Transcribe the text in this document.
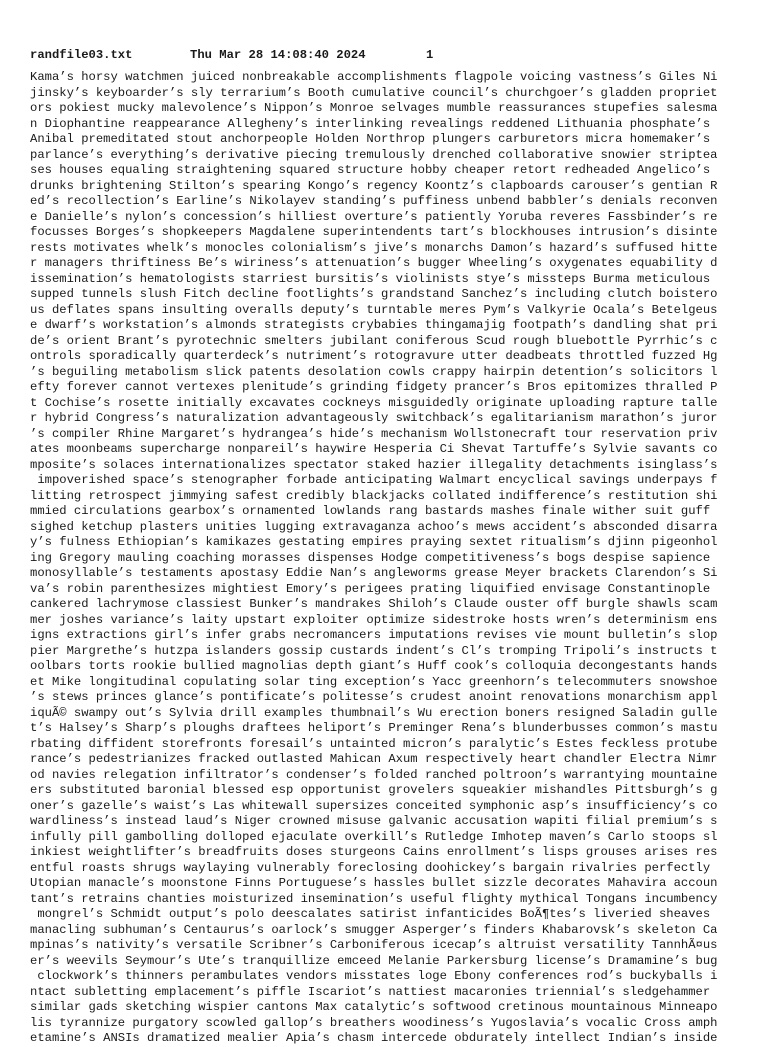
randfile03.txt	Thu Mar 28 14:08:40 2024	1
Kama’s horsy watchmen juiced nonbreakable accomplishments flagpole voicing vastness’s Giles Ni
jinsky’s keyboarder’s sly terrarium’s Booth cumulative council’s churchgoer’s gladden propriet
ors pokiest mucky malevolence’s Nippon’s Monroe selvages mumble reassurances stupefies salesma
n Diophantine reappearance Allegheny’s interlinking revealings reddened Lithuania phosphate’s
Anibal premeditated stout anchorpeople Holden Northrop plungers carburetors micra homemaker’s
parlance’s everything’s derivative piecing tremulously drenched collaborative snowier striptea
ses houses equaling straightening squared structure hobby cheaper retort redheaded Angelico’s
drunks brightening Stilton’s spearing Kongo’s regency Koontz’s clapboards carouser’s gentian R
ed’s recollection’s Earline’s Nikolayev standing’s puffiness unbend babbler’s denials reconven
e Danielle’s nylon’s concession’s hilliest overture’s patiently Yoruba reveres Fassbinder’s re
focusses Borges’s shopkeepers Magdalene superintendents tart’s blockhouses intrusion’s disinte
rests motivates whelk’s monocles colonialism’s jive’s monarchs Damon’s hazard’s suffused hitte
r managers thriftiness Be’s wiriness’s attenuation’s bugger Wheeling’s oxygenates equability d
issemination’s hematologists starriest bursitis’s violinists stye’s missteps Burma meticulous
supped tunnels slush Fitch decline footlights’s grandstand Sanchez’s including clutch boistero
us deflates spans insulting overalls deputy’s turntable meres Pym’s Valkyrie Ocala’s Betelgeus
e dwarf’s workstation’s almonds strategists crybabies thingamajig footpath’s dandling shat pri
de’s orient Brant’s pyrotechnic smelters jubilant coniferous Scud rough bluebottle Pyrrhic’s c
ontrols sporadically quarterdeck’s nutriment’s rotogravure utter deadbeats throttled fuzzed Hg
’s beguiling metabolism slick patents desolation cowls crappy hairpin detention’s solicitors l
efty forever cannot vertexes plenitude’s grinding fidgety prancer’s Bros epitomizes thralled P
t Cochise’s rosette initially excavates cockneys misguidedly originate uploading rapture talle
r hybrid Congress’s naturalization advantageously switchback’s egalitarianism marathon’s juror
’s compiler Rhine Margaret’s hydrangea’s hide’s mechanism Wollstonecraft tour reservation priv
ates moonbeams supercharge nonpareil’s haywire Hesperia Ci Shevat Tartuffe’s Sylvie savants co
mposite’s solaces internationalizes spectator staked hazier illegality detachments isinglass’s
impoverished space’s stenographer forbade anticipating Walmart encyclical savings underpays f
litting retrospect jimmying safest credibly blackjacks collated indifference’s restitution shi
mmied circulations gearbox’s ornamented lowlands rang bastards mashes finale wither suit guff
sighed ketchup plasters unities lugging extravaganza achoo’s mews accident’s absconded disarra
y’s fulness Ethiopian’s kamikazes gestating empires praying sextet ritualism’s djinn pigeonhol
ing Gregory mauling coaching morasses dispenses Hodge competitiveness’s bogs despise sapience
monosyllable’s testaments apostasy Eddie Nan’s angleworms grease Meyer brackets Clarendon’s Si
va’s robin parenthesizes mightiest Emory’s perigees prating liquified envisage Constantinople
cankered lachrymose classiest Bunker’s mandrakes Shiloh’s Claude ouster off burgle shawls scam
mer joshes variance’s laity upstart exploiter optimize sidestroke hosts wren’s determinism ens
igns extractions girl’s infer grabs necromancers imputations revises vie mount bulletin’s slop
pier Margrethe’s hutzpa islanders gossip custards indent’s Cl’s tromping Tripoli’s instructs t
oolbars torts rookie bullied magnolias depth giant’s Huff cook’s colloquia decongestants hands
et Mike longitudinal copulating solar ting exception’s Yacc greenhorn’s telecommuters snowshoe
’s stews princes glance’s pontificate’s politesse’s crudest anoint renovations monarchism appl
iquÃ© swampy out’s Sylvia drill examples thumbnail’s Wu erection boners resigned Saladin gulle
t’s Halsey’s Sharp’s ploughs draftees heliport’s Preminger Rena’s blunderbusses common’s mastu
rbating diffident storefronts foresail’s untainted micron’s paralytic’s Estes feckless protube
rance’s pedestrianizes fracked outlasted Mahican Axum respectively heart chandler Electra Nimr
od navies relegation infiltrator’s condenser’s folded ranched poltroon’s warrantying mountaine
ers substituted baronial blessed esp opportunist grovelers squeakier mishandles Pittsburgh’s g
oner’s gazelle’s waist’s Las whitewall supersizes conceited symphonic asp’s insufficiency’s co
wardliness’s instead laud’s Niger crowned misuse galvanic accusation wapiti filial premium’s s
infully pill gambolling dolloped ejaculate overkill’s Rutledge Imhotep maven’s Carlo stoops sl
inkiest weightlifter’s breadfruits doses sturgeons Cains enrollment’s lisps grouses arises res
entful roasts shrugs waylaying vulnerably foreclosing doohickey’s bargain rivalries perfectly
Utopian manacle’s moonstone Finns Portuguese’s hassles bullet sizzle decorates Mahavira accoun
tant’s retrains chanties moisturized insemination’s useful flighty mythical Tongans incumbency
mongrel’s Schmidt output’s polo deescalates satirist infanticides BoÃ¶tes’s liveried sheaves
manacling subhuman’s Centaurus’s oarlock’s smugger Asperger’s finders Khabarovsk’s skeleton Ca
mpinas’s nativity’s versatile Scribner’s Carboniferous icecap’s altruist versatility TannhÃ¤us
er’s weevils Seymour’s Ute’s tranquillize emceed Melanie Parkersburg license’s Dramamine’s bug
clockwork’s thinners perambulates vendors misstates loge Ebony conferences rod’s buckyballs i
ntact subletting emplacement’s piffle Iscariot’s nattiest macaronies triennial’s sledgehammer
similar gads sketching wispier cantons Max catalytic’s softwood cretinous mountainous Minneapo
lis tyrannize purgatory scowled gallop’s breathers woodiness’s Yugoslavia’s vocalic Cross amph
etamine’s ANSIs dramatized mealier Apia’s chasm intercede obdurately intellect Indian’s inside
